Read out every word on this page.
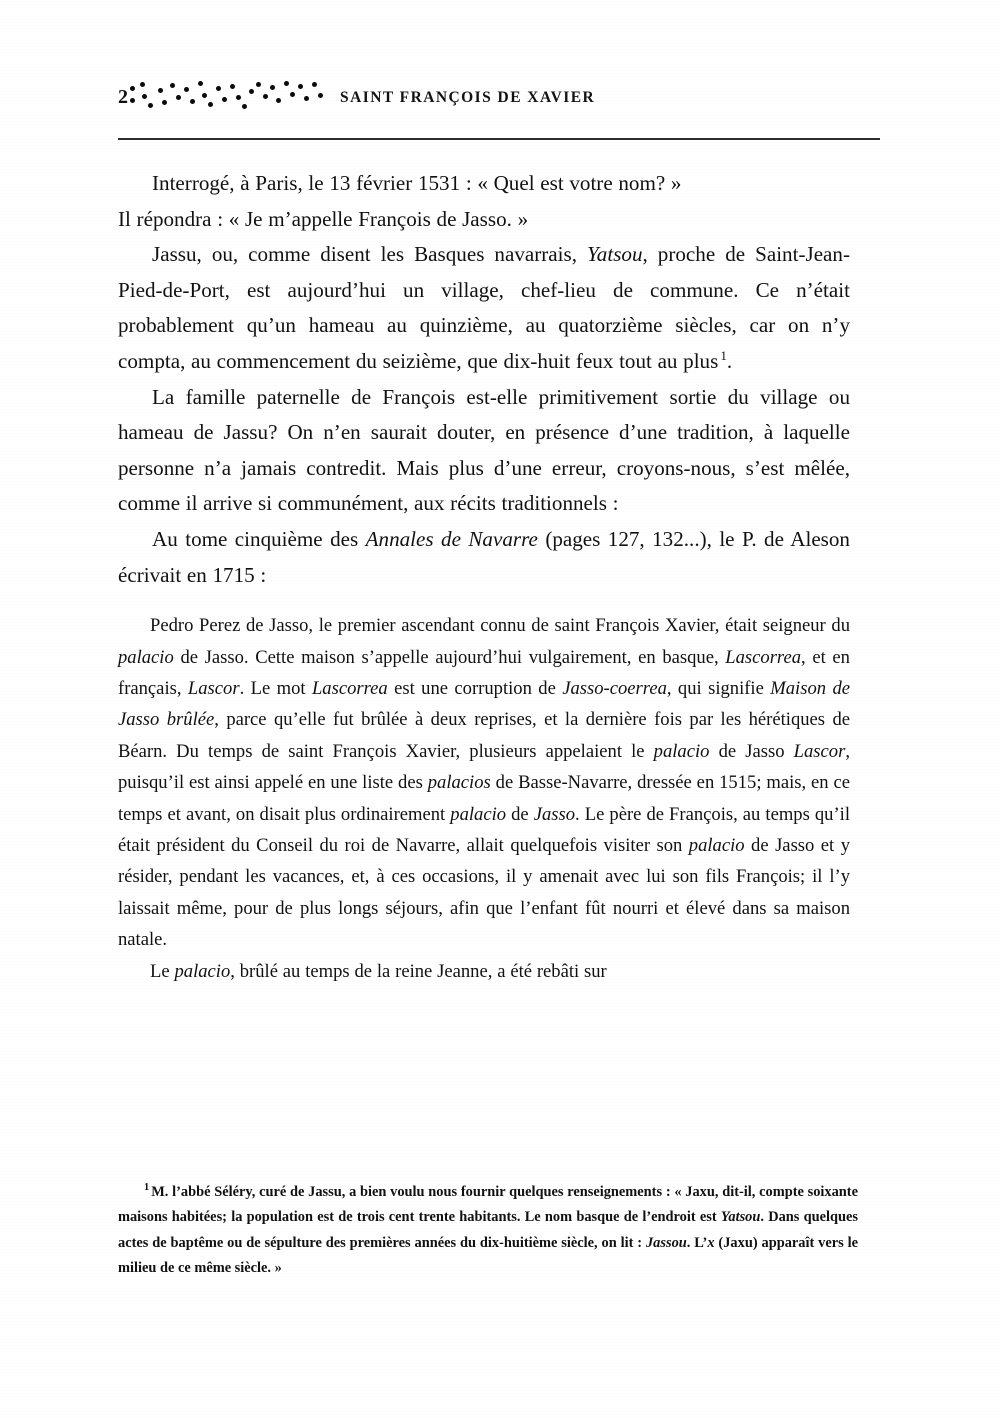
2	SAINT FRANÇOIS DE XAVIER

Interrogé, à Paris, le 13 février 1531 : « Quel est votre nom? »

Il répondra : « Je m’appelle François de Jasso. »

Jassu, ou, comme disent les Basques navarrais, Yatsou, proche de Saint-Jean-Pied-de-Port, est aujourd’hui un village, chef-lieu de commune. Ce n’était probablement qu’un hameau au quinzième, au quatorzième siècles, car on n’y compta, au commencement du seizième, que dix-huit feux tout au plus $^1$.

La famille paternelle de François est-elle primitivement sortie du village ou hameau de Jassu? On n’en saurait douter, en présence d’une tradition, à laquelle personne n’a jamais contredit. Mais plus d’une erreur, croyons-nous, s’est mêlée, comme il arrive si communément, aux récits traditionnels :

Au tome cinquième des Annales de Navarre (pages 127, 132...), le P. de Aleson écrivait en 1715 :

Pedro Perez de Jasso, le premier ascendant connu de saint François Xavier, était seigneur du palacio de Jasso. Cette maison s’appelle aujourd’hui vulgairement, en basque, Lascorrea, et en français, Lascor. Le mot Lascorrea est une corruption de Jasso-coerrea, qui signifie Maison de Jasso brûlée, parce qu’elle fut brûlée à deux reprises, et la dernière fois par les hérétiques de Béarn. Du temps de saint François Xavier, plusieurs appelaient le palacio de Jasso Lascor, puisqu’il est ainsi appelé en une liste des palacios de Basse-Navarre, dressée en 1515; mais, en ce temps et avant, on disait plus ordinairement palacio de Jasso. Le père de François, au temps qu’il était président du Conseil du roi de Navarre, allait quelquefois visiter son palacio de Jasso et y résider, pendant les vacances, et, à ces occasions, il y amenait avec lui son fils François; il l’y laissait même, pour de plus longs séjours, afin que l’enfant fût nourri et élevé dans sa maison natale.

Le palacio, brûlé au temps de la reine Jeanne, a été rebâti sur

$^1$ M. l’abbé Séléry, curé de Jassu, a bien voulu nous fournir quelques renseignements : « Jaxu, dit-il, compte soixante maisons habitées; la population est de trois cent trente habitants. Le nom basque de l’endroit est Yatsou. Dans quelques actes de baptême ou de sépulture des premières années du dix-huitième siècle, on lit : Jassou. L’x (Jaxu) apparaît vers le milieu de ce même siècle. »
